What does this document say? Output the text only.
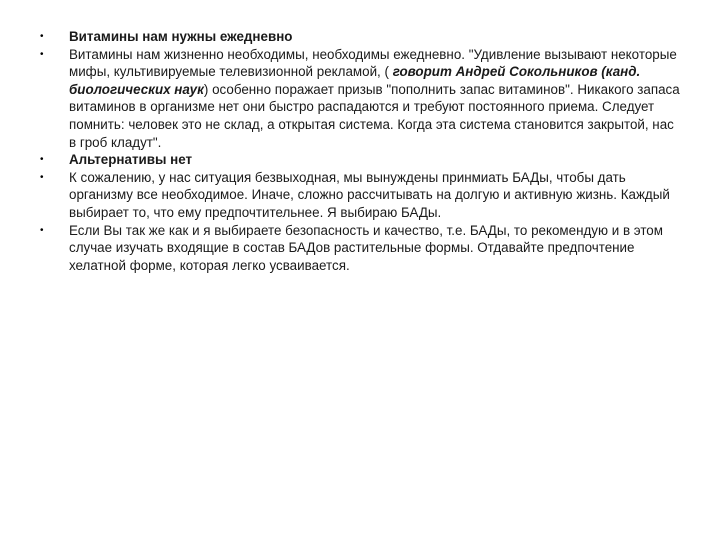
• Витамины нам нужны ежедневно
• Витамины нам жизненно необходимы, необходимы ежедневно. "Удивление вызывают некоторые мифы, культивируемые телевизионной рекламой, ( говорит Андрей Сокольников (канд. биологических наук) особенно поражает призыв "пополнить запас витаминов". Никакого запаса витаминов в организме нет они быстро распадаются и требуют постоянного приема. Следует помнить: человек это не склад, а открытая система. Когда эта система становится закрытой, нас в гроб кладут".
• Альтернативы нет
• К сожалению, у нас ситуация безвыходная, мы вынуждены принмиать БАДы, чтобы дать организму все необходимое. Иначе, сложно рассчитывать на долгую и активную жизнь. Каждый выбирает то, что ему предпочтительнее. Я выбираю БАДы.
• Если Вы так же как и я выбираете безопасность и качество, т.е. БАДы, то рекомендую и в этом случае изучать входящие в состав БАДов растительные формы. Отдавайте предпочтение хелатной форме, которая легко усваивается.
